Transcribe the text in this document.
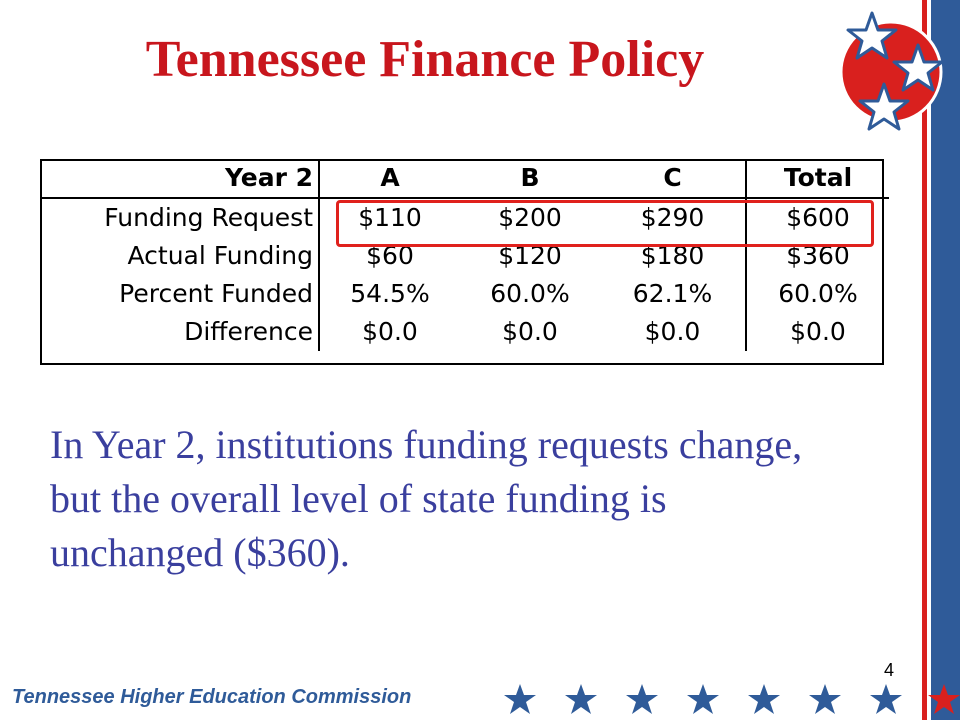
Tennessee Finance Policy
Year 2	A	B	C	Total
Funding Request	$110	$200	$290	$600
Actual Funding	$60	$120	$180	$360
Percent Funded	54.5%	60.0%	62.1%	60.0%
Difference	$0.0	$0.0	$0.0	$0.0
In Year 2, institutions funding requests change, but the overall level of state funding is unchanged ($360).
4
Tennessee Higher Education Commission
